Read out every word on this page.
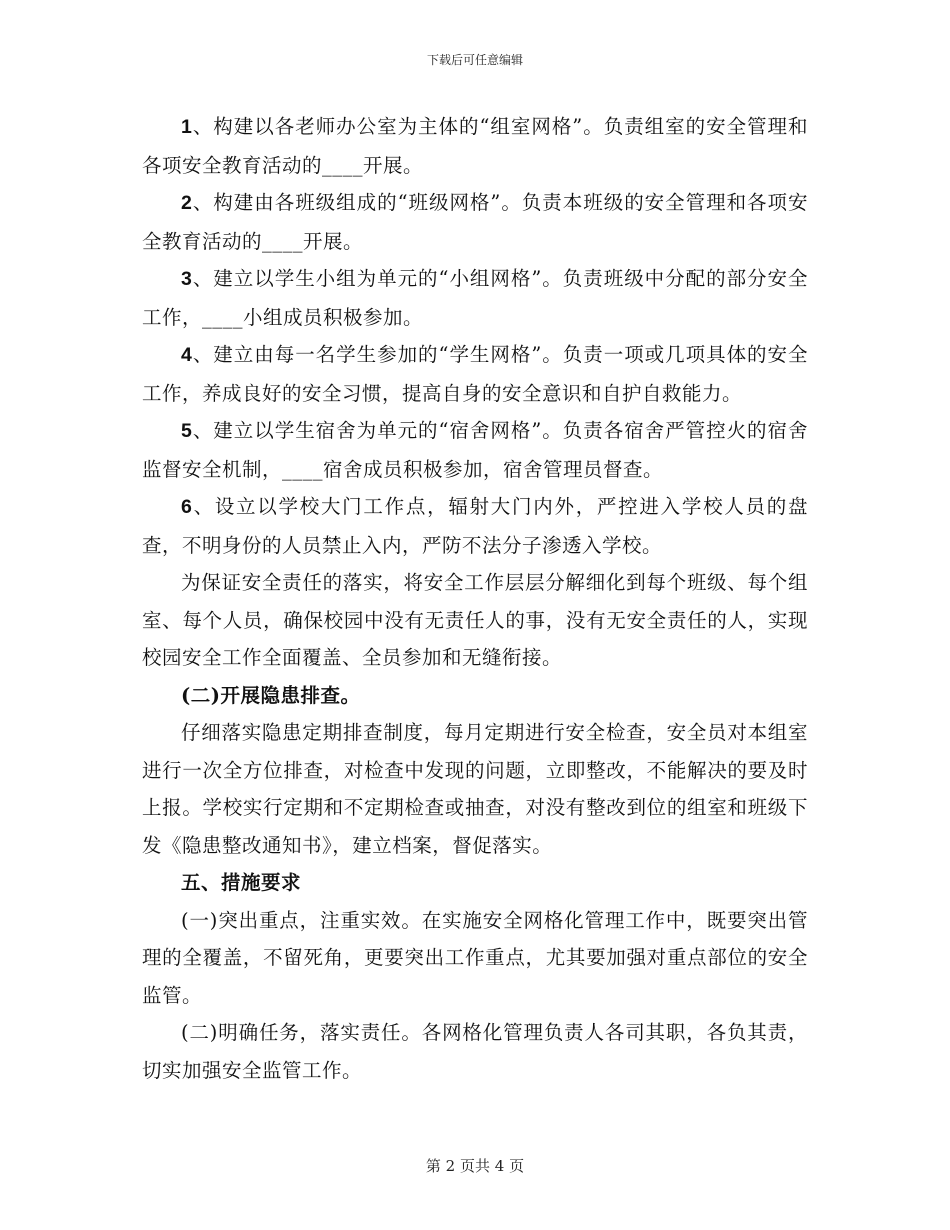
下载后可任意编辑

1、构建以各老师办公室为主体的“组室网格”。负责组室的安全管理和各项安全教育活动的____开展。

2、构建由各班级组成的“班级网格”。负责本班级的安全管理和各项安全教育活动的____开展。

3、建立以学生小组为单元的“小组网格”。负责班级中分配的部分安全工作，____小组成员积极参加。

4、建立由每一名学生参加的“学生网格”。负责一项或几项具体的安全工作，养成良好的安全习惯，提高自身的安全意识和自护自救能力。

5、建立以学生宿舍为单元的“宿舍网格”。负责各宿舍严管控火的宿舍监督安全机制，____宿舍成员积极参加，宿舍管理员督查。

6、设立以学校大门工作点，辐射大门内外，严控进入学校人员的盘查，不明身份的人员禁止入内，严防不法分子渗透入学校。

为保证安全责任的落实，将安全工作层层分解细化到每个班级、每个组室、每个人员，确保校园中没有无责任人的事，没有无安全责任的人，实现校园安全工作全面覆盖、全员参加和无缝衔接。

(二)开展隐患排查。

仔细落实隐患定期排查制度，每月定期进行安全检查，安全员对本组室进行一次全方位排查，对检查中发现的问题，立即整改，不能解决的要及时上报。学校实行定期和不定期检查或抽查，对没有整改到位的组室和班级下发《隐患整改通知书》，建立档案，督促落实。

五、措施要求

(一)突出重点，注重实效。在实施安全网格化管理工作中，既要突出管理的全覆盖，不留死角，更要突出工作重点，尤其要加强对重点部位的安全监管。

(二)明确任务，落实责任。各网格化管理负责人各司其职，各负其责，切实加强安全监管工作。

第 2 页共 4 页
